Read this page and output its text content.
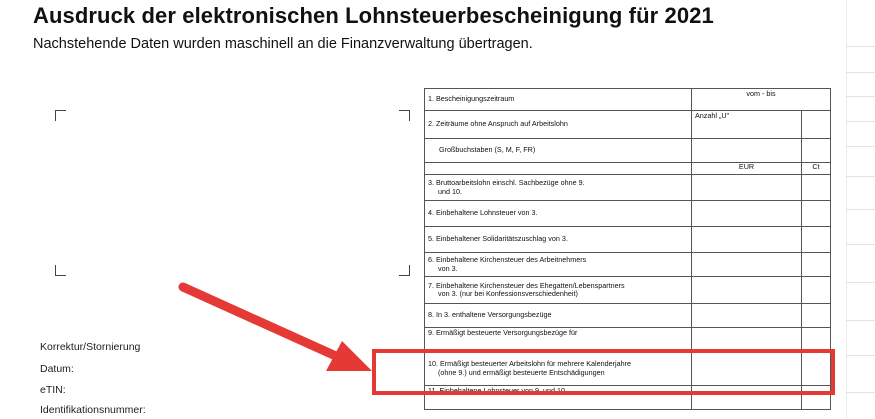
Ausdruck der elektronischen Lohnsteuerbescheinigung für 2021
Nachstehende Daten wurden maschinell an die Finanzverwaltung übertragen.
Korrektur/Stornierung
Datum:
eTIN:
Identifikationsnummer:
1. Bescheinigungszeitraum	vom - bis	
2. Zeiträume ohne Anspruch auf Arbeitslohn	Anzahl „U"	
Großbuchstaben (S, M, F, FR)		
	EUR	Ct

3. Bruttoarbeitslohn einschl. Sachbezüge ohne 9.
und 10.		

4. Einbehaltene Lohnsteuer von 3.		
5. Einbehaltener Solidaritätszuschlag von 3.		

6. Einbehaltene Kirchensteuer des Arbeitnehmers
von 3.		

7. Einbehaltene Kirchensteuer des Ehegatten/Lebenspartners
von 3. (nur bei Konfessionsverschiedenheit)		

8. In 3. enthaltene Versorgungsbezüge		
9. Ermäßigt besteuerte Versorgungsbezüge für		

10. Ermäßigt besteuerter Arbeitslohn für mehrere Kalenderjahre
(ohne 9.) und ermäßigt besteuerte Entschädigungen		

11. Einbehaltene Lohnsteuer von 9. und 10.		
